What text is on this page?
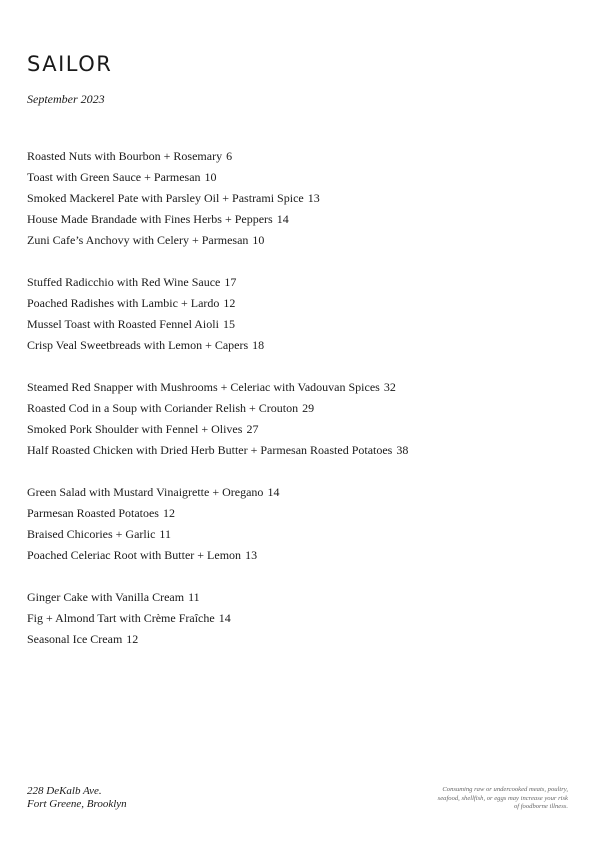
SAILOR
September 2023
Roasted Nuts with Bourbon + Rosemary 6
Toast with Green Sauce + Parmesan 10
Smoked Mackerel Pate with Parsley Oil + Pastrami Spice 13
House Made Brandade with Fines Herbs + Peppers 14
Zuni Cafe’s Anchovy with Celery + Parmesan 10
Stuffed Radicchio with Red Wine Sauce 17
Poached Radishes with Lambic + Lardo 12
Mussel Toast with Roasted Fennel Aioli 15
Crisp Veal Sweetbreads with Lemon + Capers 18
Steamed Red Snapper with Mushrooms + Celeriac with Vadouvan Spices 32
Roasted Cod in a Soup with Coriander Relish + Crouton 29
Smoked Pork Shoulder with Fennel + Olives 27
Half Roasted Chicken with Dried Herb Butter + Parmesan Roasted Potatoes 38
Green Salad with Mustard Vinaigrette + Oregano 14
Parmesan Roasted Potatoes 12
Braised Chicories + Garlic 11
Poached Celeriac Root with Butter + Lemon 13
Ginger Cake with Vanilla Cream 11
Fig + Almond Tart with Crème Fraîche 14
Seasonal Ice Cream 12
228 DeKalb Ave.
Fort Greene, Brooklyn
Consuming raw or undercooked meats, poultry, seafood, shellfish, or eggs may increase your risk of foodborne illness.
